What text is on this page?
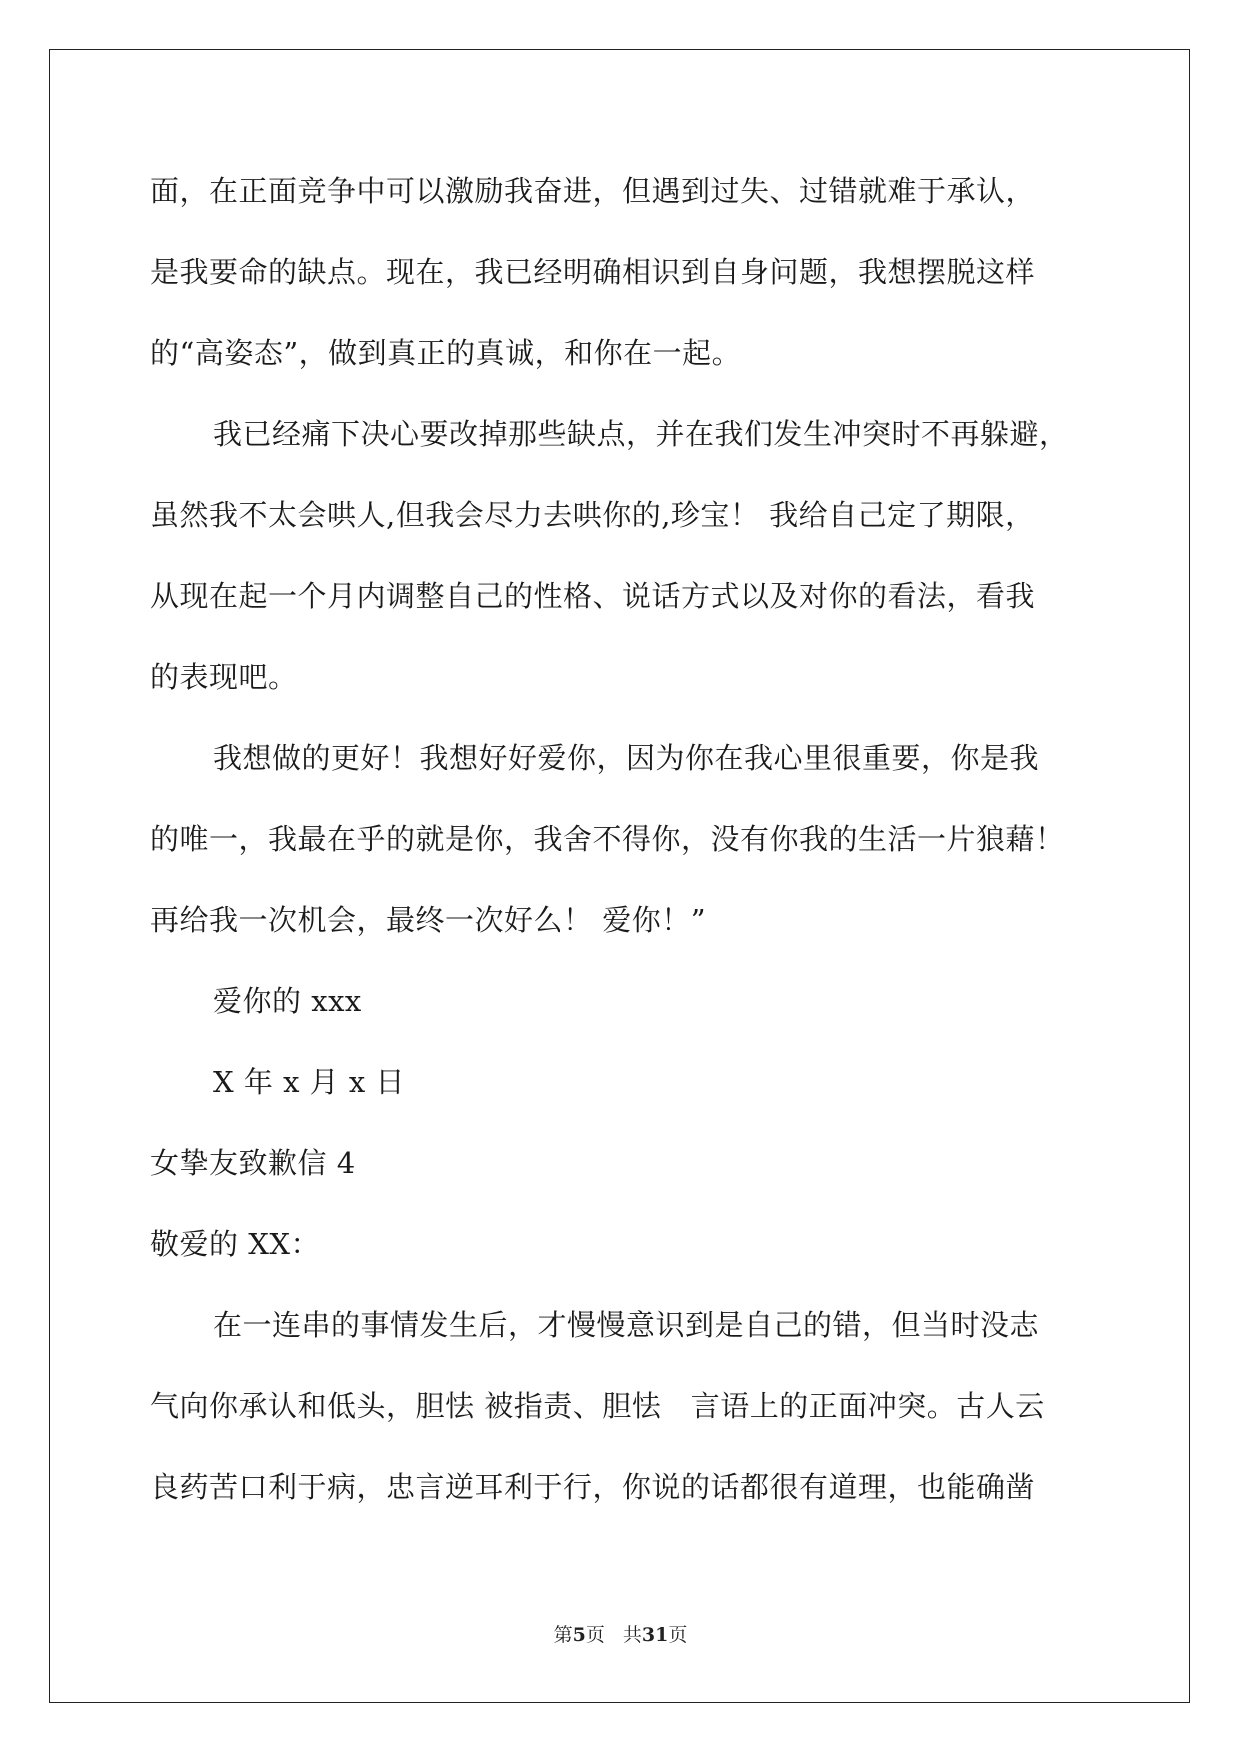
面，在正面竞争中可以激励我奋进，但遇到过失、过错就难于承认，
是我要命的缺点。现在，我已经明确相识到自身问题，我想摆脱这样
的“高姿态”，做到真正的真诚，和你在一起。
我已经痛下决心要改掉那些缺点，并在我们发生冲突时不再躲避，
虽然我不太会哄人,但我会尽力去哄你的,珍宝！ 我给自己定了期限，
从现在起一个月内调整自己的性格、说话方式以及对你的看法，看我
的表现吧。
我想做的更好！我想好好爱你，因为你在我心里很重要，你是我
的唯一，我最在乎的就是你，我舍不得你，没有你我的生活一片狼藉！
再给我一次机会，最终一次好么！ 爱你！”
爱你的 xxx
X 年 x 月 x 日
女挚友致歉信 4
敬爱的 XX：
在一连串的事情发生后，才慢慢意识到是自己的错，但当时没志
气向你承认和低头，胆怯 被指责、胆怯　言语上的正面冲突。古人云
良药苦口利于病，忠言逆耳利于行，你说的话都很有道理，也能确凿
第5页 共31页
